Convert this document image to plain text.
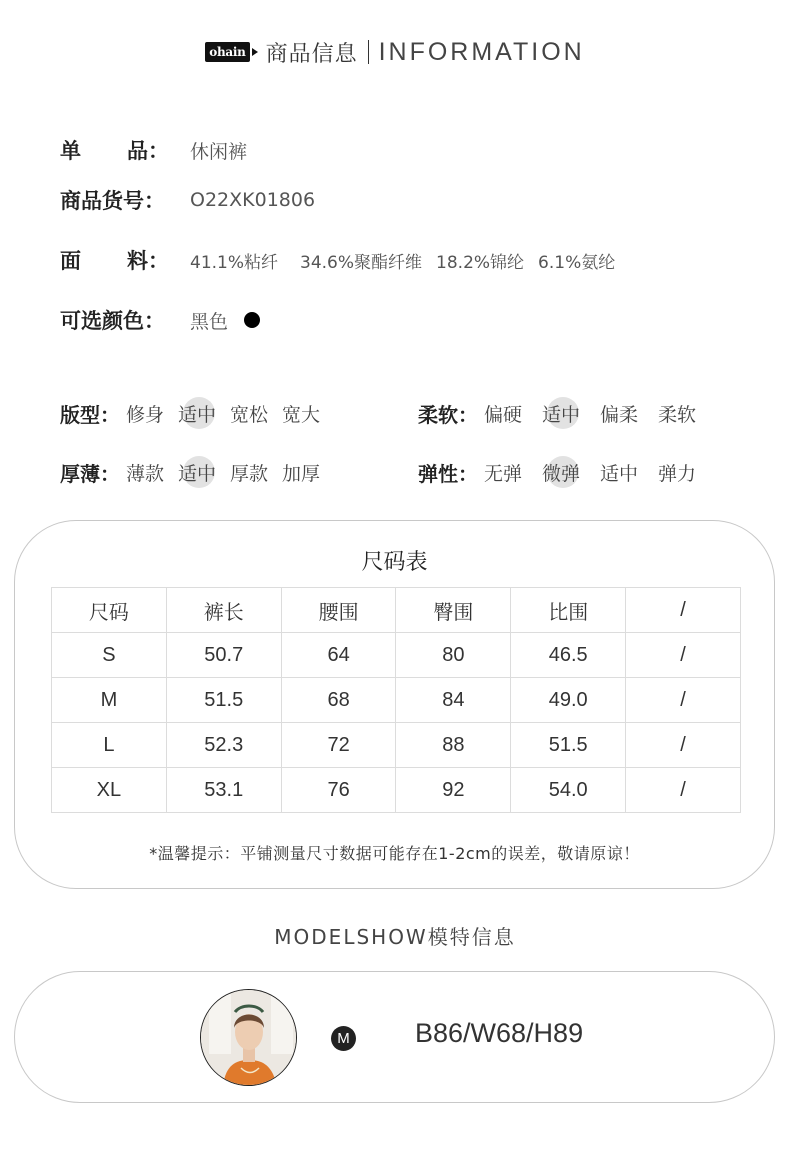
ohain 商品信息 INFORMATION
单 品：	休闲裤
商品货号：	O22XK01806
面 料：	41.1%粘纤 34.6%聚酯纤维 18.2%锦纶 6.1%氨纶
可选颜色：	黑色
版型： 修身 适中 宽松 宽大	柔软： 偏硬 适中 偏柔 柔软
厚薄： 薄款 适中 厚款 加厚	弹性： 无弹 微弹 适中 弹力
尺码表
尺码	裤长	腰围	臀围	比围	/
S	50.7	64	80	46.5	/
M	51.5	68	84	49.0	/
L	52.3	72	88	51.5	/
XL	53.1	76	92	54.0	/
*温馨提示：平铺测量尺寸数据可能存在1-2cm的误差，敬请原谅！
MODELSHOW模特信息
M B86/W68/H89
